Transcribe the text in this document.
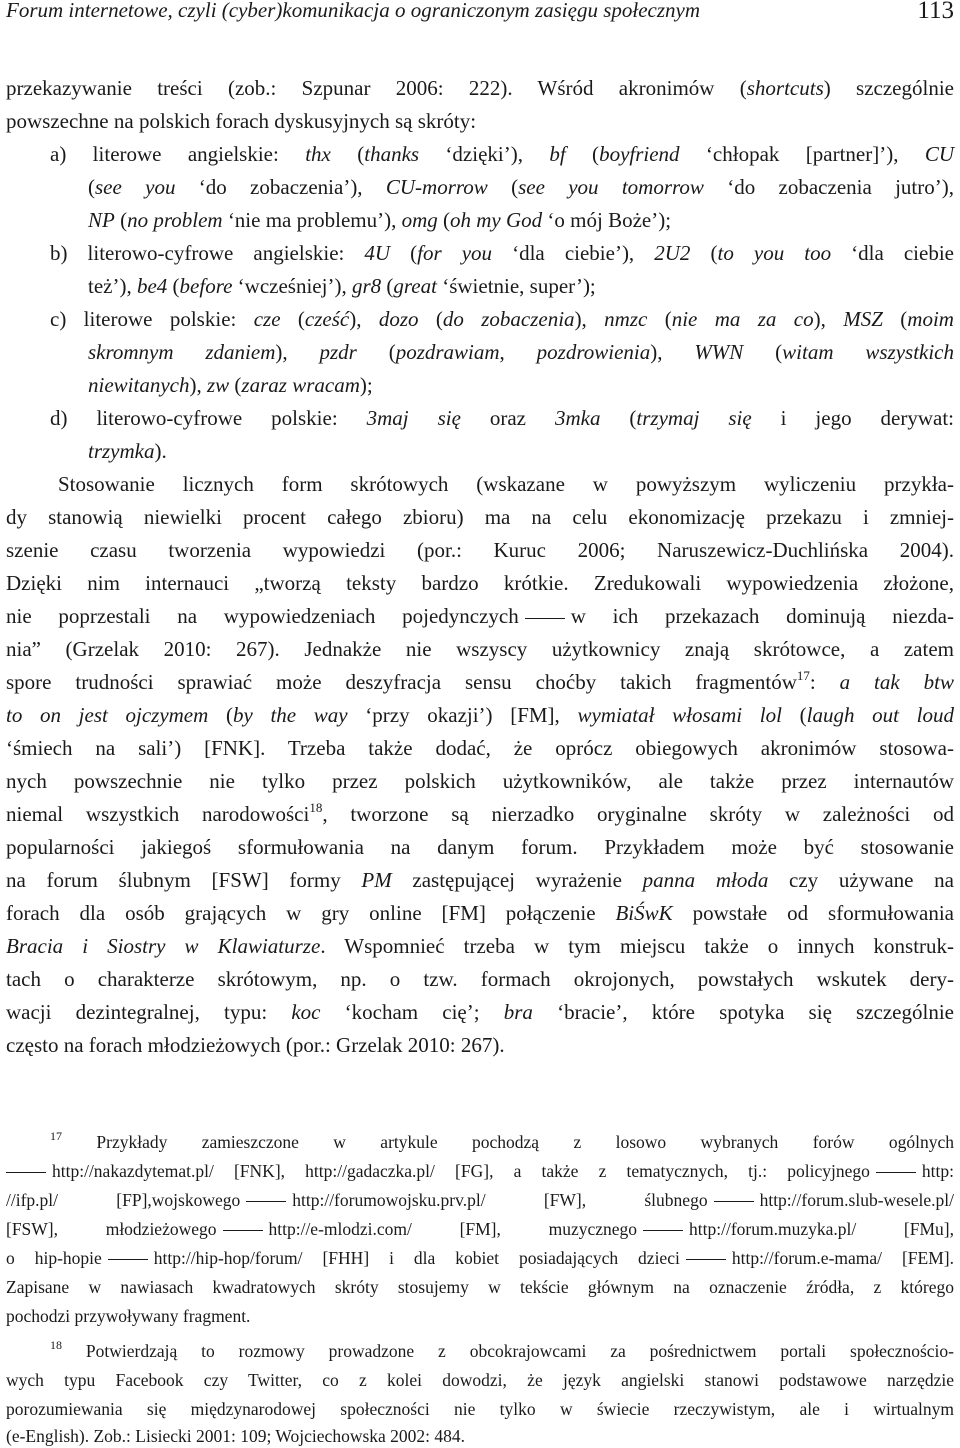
Forum internetowe, czyli (cyber)komunikacja o ograniczonym zasięgu społecznym	113
przekazywanie treści (zob.: Szpunar 2006: 222). Wśród akronimów (shortcuts) szczególnie
powszechne na polskich forach dyskusyjnych są skróty:
a) literowe angielskie: thx (thanks ‘dzięki’), bf (boyfriend ‘chłopak [partner]’), CU
(see you ‘do zobaczenia’), CU-morrow (see you tomorrow ‘do zobaczenia jutro’),
NP (no problem ‘nie ma problemu’), omg (oh my God ‘o mój Boże’);
b) literowo-cyfrowe angielskie: 4U (for you ‘dla ciebie’), 2U2 (to you too ‘dla ciebie
też’), be4 (before ‘wcześniej’), gr8 (great ‘świetnie, super’);
c) literowe polskie: cze (cześć), dozo (do zobaczenia), nmzc (nie ma za co), MSZ (moim
skromnym zdaniem), pzdr (pozdrawiam, pozdrowienia), WWN (witam wszystkich
niewitanych), zw (zaraz wracam);
d) literowo-cyfrowe polskie: 3maj się oraz 3mka (trzymaj się i jego derywat:
trzymka).
Stosowanie licznych form skrótowych (wskazane w powyższym wyliczeniu przykła-
dy stanowią niewielki procent całego zbioru) ma na celu ekonomizację przekazu i zmniej-
szenie czasu tworzenia wypowiedzi (por.: Kuruc 2006; Naruszewicz-Duchlińska 2004).
Dzięki nim internauci „tworzą teksty bardzo krótkie. Zredukowali wypowiedzenia złożone,
nie poprzestali na wypowiedzeniach pojedynczych w ich przekazach dominują niezda-
nia” (Grzelak 2010: 267). Jednakże nie wszyscy użytkownicy znają skrótowce, a zatem
spore trudności sprawiać może deszyfracja sensu choćby takich fragmentów$^{17}$: a tak btw
to on jest ojczymem (by the way ‘przy okazji’) [FM], wymiatał włosami lol (laugh out loud
‘śmiech na sali’) [FNK]. Trzeba także dodać, że oprócz obiegowych akronimów stosowa-
nych powszechnie nie tylko przez polskich użytkowników, ale także przez internautów
niemal wszystkich narodowości$^{18}$, tworzone są nierzadko oryginalne skróty w zależności od
popularności jakiegoś sformułowania na danym forum. Przykładem może być stosowanie
na forum ślubnym [FSW] formy PM zastępującej wyrażenie panna młoda czy używane na
forach dla osób grających w gry online [FM] połączenie BiŚwK powstałe od sformułowania
Bracia i Siostry w Klawiaturze. Wspomnieć trzeba w tym miejscu także o innych konstruk-
tach o charakterze skrótowym, np. o tzw. formach okrojonych, powstałych wskutek dery-
wacji dezintegralnej, typu: koc ‘kocham cię’; bra ‘bracie’, które spotyka się szczególnie
często na forach młodzieżowych (por.: Grzelak 2010: 267).
$^{17}$ Przykłady zamieszczone w artykule pochodzą z losowo wybranych forów ogólnych
http://nakazdytemat.pl/ [FNK], http://gadaczka.pl/ [FG], a także z tematycznych, tj.: policyjnego	http:
//ifp.pl/ [FP],wojskowego	http://forumowojsku.prv.pl/ [FW], ślubnego	http://forum.slub-wesele.pl/
[FSW], młodzieżowego	http://e-mlodzi.com/ [FM], muzycznego	http://forum.muzyka.pl/ [FMu],
o hip-hopie	http://hip-hop/forum/ [FHH] i dla kobiet posiadających dzieci	http://forum.e-mama/ [FEM].
Zapisane w nawiasach kwadratowych skróty stosujemy w tekście głównym na oznaczenie źródła, z którego
pochodzi przywoływany fragment.
$^{18}$ Potwierdzają to rozmowy prowadzone z obcokrajowcami za pośrednictwem portali społecznościo-
wych typu Facebook czy Twitter, co z kolei dowodzi, że język angielski stanowi podstawowe narzędzie
porozumiewania się międzynarodowej społeczności nie tylko w świecie rzeczywistym, ale i wirtualnym
(e-English). Zob.: Lisiecki 2001: 109; Wojciechowska 2002: 484.
